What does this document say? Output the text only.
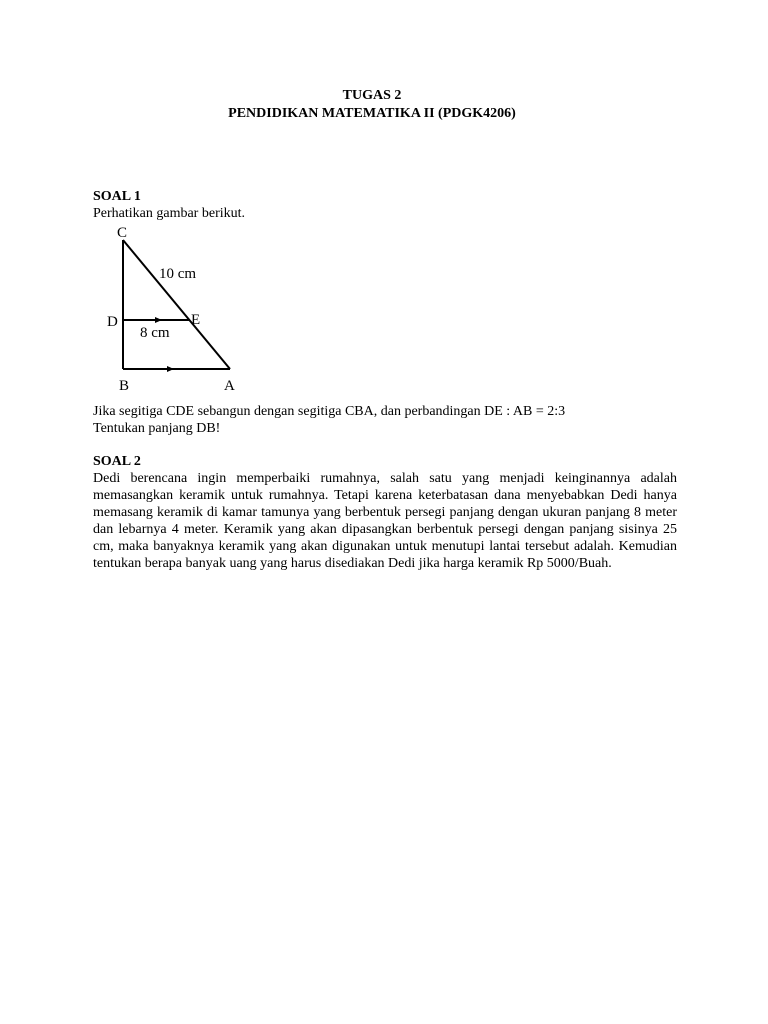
TUGAS 2
PENDIDIKAN MATEMATIKA II (PDGK4206)
SOAL 1
Perhatikan gambar berikut.
C
D	E
B	A
10 cm
8 cm
Jika segitiga CDE sebangun dengan segitiga CBA, dan perbandingan DE : AB = 2:3
Tentukan panjang DB!
SOAL 2
Dedi berencana ingin memperbaiki rumahnya, salah satu yang menjadi keinginannya adalah memasangkan keramik untuk rumahnya. Tetapi karena keterbatasan dana menyebabkan Dedi hanya memasang keramik di kamar tamunya yang berbentuk persegi panjang dengan ukuran panjang 8 meter dan lebarnya 4 meter. Keramik yang akan dipasangkan berbentuk persegi dengan panjang sisinya 25 cm, maka banyaknya keramik yang akan digunakan untuk menutupi lantai tersebut adalah. Kemudian tentukan berapa banyak uang yang harus disediakan Dedi jika harga keramik Rp 5000/Buah.
